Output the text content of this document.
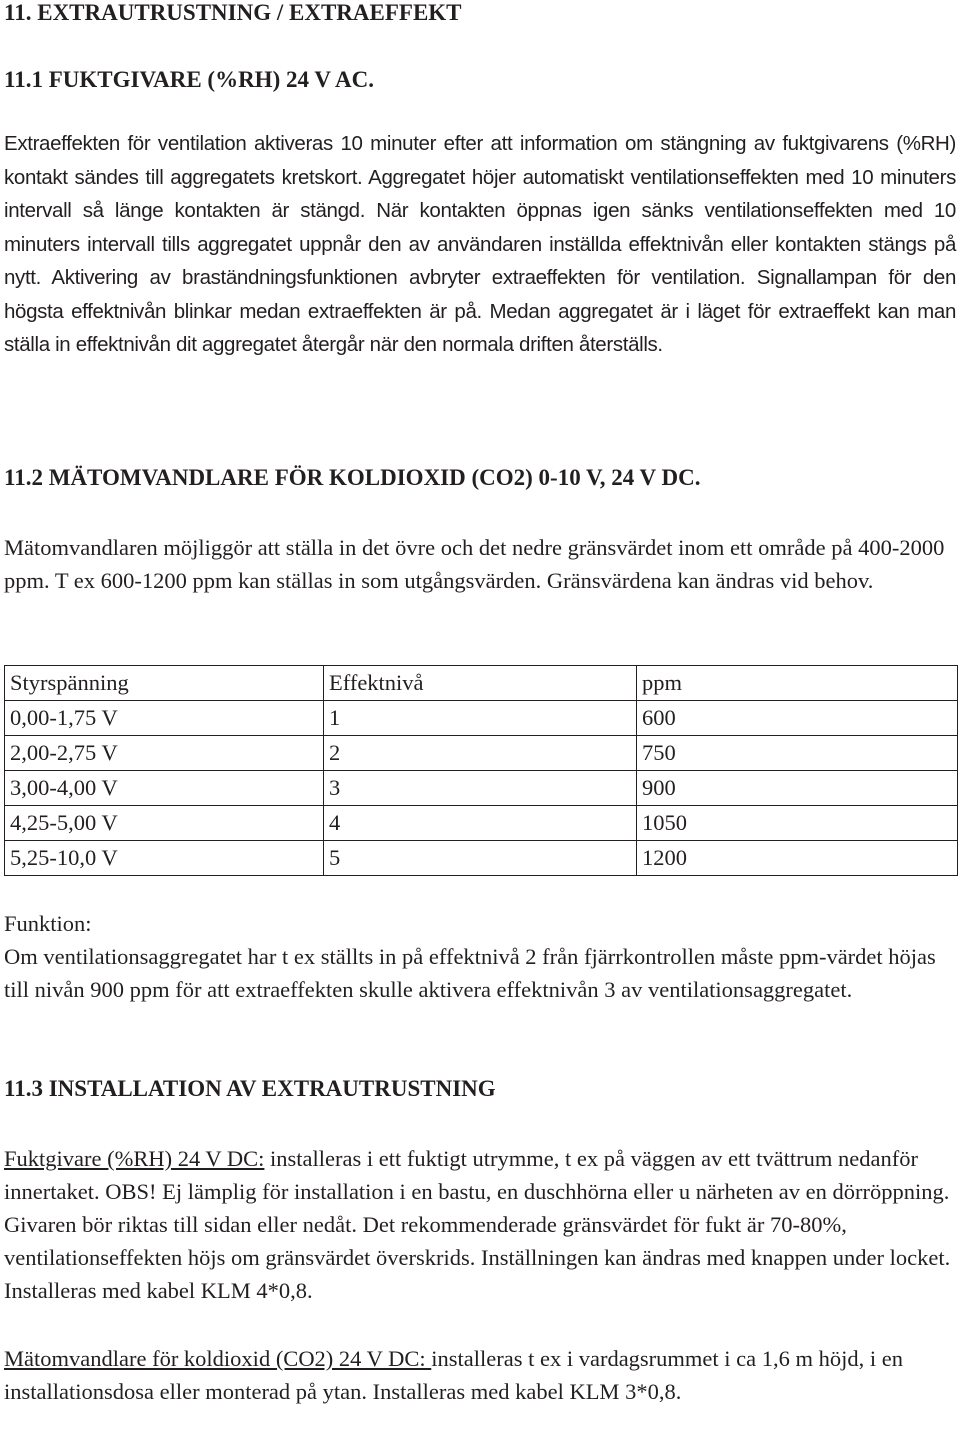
11. EXTRAUTRUSTNING / EXTRAEFFEKT
11.1 FUKTGIVARE (%RH) 24 V AC.
Extraeffekten för ventilation aktiveras 10 minuter efter att information om stängning av fuktgivarens (%RH) kontakt sändes till aggregatets kretskort. Aggregatet höjer automatiskt ventilationseffekten med 10 minuters intervall så länge kontakten är stängd. När kontakten öppnas igen sänks ventilationseffekten med 10 minuters intervall tills aggregatet uppnår den av användaren inställda effektnivån eller kontakten stängs på nytt. Aktivering av braständningsfunktionen avbryter extraeffekten för ventilation. Signallampan för den högsta effektnivån blinkar medan extraeffekten är på. Medan aggregatet är i läget för extraeffekt kan man ställa in effektnivån dit aggregatet återgår när den normala driften återställs.
11.2 MÄTOMVANDLARE FÖR KOLDIOXID (CO2) 0-10 V, 24 V DC.
Mätomvandlaren möjliggör att ställa in det övre och det nedre gränsvärdet inom ett område på 400-2000 ppm. T ex 600-1200 ppm kan ställas in som utgångsvärden. Gränsvärdena kan ändras vid behov.
Styrspänning	Effektnivå	ppm
0,00-1,75 V	1	600
2,00-2,75 V	2	750
3,00-4,00 V	3	900
4,25-5,00 V	4	1050
5,25-10,0 V	5	1200
Funktion:
Om ventilationsaggregatet har t ex ställts in på effektnivå 2 från fjärrkontrollen måste ppm-värdet höjas till nivån 900 ppm för att extraeffekten skulle aktivera effektnivån 3 av ventilationsaggregatet.
11.3 INSTALLATION AV EXTRAUTRUSTNING
Fuktgivare (%RH) 24 V DC: installeras i ett fuktigt utrymme, t ex på väggen av ett tvättrum nedanför innertaket. OBS! Ej lämplig för installation i en bastu, en duschhörna eller u närheten av en dörröppning. Givaren bör riktas till sidan eller nedåt. Det rekommenderade gränsvärdet för fukt är 70-80%, ventilationseffekten höjs om gränsvärdet överskrids. Inställningen kan ändras med knappen under locket. Installeras med kabel KLM 4*0,8.
Mätomvandlare för koldioxid (CO2) 24 V DC: installeras t ex i vardagsrummet i ca 1,6 m höjd, i en installationsdosa eller monterad på ytan. Installeras med kabel KLM 3*0,8.
